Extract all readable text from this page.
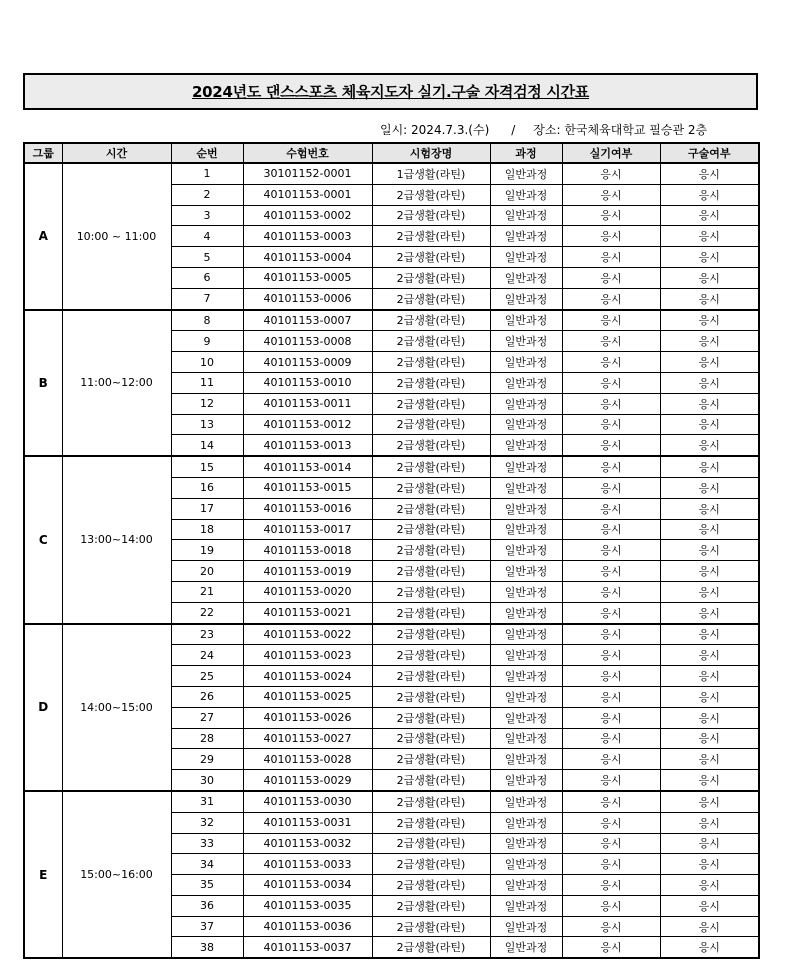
2024년도 댄스스포츠 체육지도자 실기.구술 자격검정 시간표
일시: 2024.7.3.(수) / 장소: 한국체육대학교 필승관 2층
그룹	시간	순번	수험번호	시험장명	과정	실기여부	구술여부
A	10:00 ~ 11:00	1	30101152-0001	1급생활(라틴)	일반과정	응시	응시
		2	40101153-0001	2급생활(라틴)	일반과정	응시	응시
		3	40101153-0002	2급생활(라틴)	일반과정	응시	응시
		4	40101153-0003	2급생활(라틴)	일반과정	응시	응시
		5	40101153-0004	2급생활(라틴)	일반과정	응시	응시
		6	40101153-0005	2급생활(라틴)	일반과정	응시	응시
		7	40101153-0006	2급생활(라틴)	일반과정	응시	응시
B	11:00~12:00	8	40101153-0007	2급생활(라틴)	일반과정	응시	응시
		9	40101153-0008	2급생활(라틴)	일반과정	응시	응시
		10	40101153-0009	2급생활(라틴)	일반과정	응시	응시
		11	40101153-0010	2급생활(라틴)	일반과정	응시	응시
		12	40101153-0011	2급생활(라틴)	일반과정	응시	응시
		13	40101153-0012	2급생활(라틴)	일반과정	응시	응시
		14	40101153-0013	2급생활(라틴)	일반과정	응시	응시
C	13:00~14:00	15	40101153-0014	2급생활(라틴)	일반과정	응시	응시
		16	40101153-0015	2급생활(라틴)	일반과정	응시	응시
		17	40101153-0016	2급생활(라틴)	일반과정	응시	응시
		18	40101153-0017	2급생활(라틴)	일반과정	응시	응시
		19	40101153-0018	2급생활(라틴)	일반과정	응시	응시
		20	40101153-0019	2급생활(라틴)	일반과정	응시	응시
		21	40101153-0020	2급생활(라틴)	일반과정	응시	응시
		22	40101153-0021	2급생활(라틴)	일반과정	응시	응시
D	14:00~15:00	23	40101153-0022	2급생활(라틴)	일반과정	응시	응시
		24	40101153-0023	2급생활(라틴)	일반과정	응시	응시
		25	40101153-0024	2급생활(라틴)	일반과정	응시	응시
		26	40101153-0025	2급생활(라틴)	일반과정	응시	응시
		27	40101153-0026	2급생활(라틴)	일반과정	응시	응시
		28	40101153-0027	2급생활(라틴)	일반과정	응시	응시
		29	40101153-0028	2급생활(라틴)	일반과정	응시	응시
		30	40101153-0029	2급생활(라틴)	일반과정	응시	응시
E	15:00~16:00	31	40101153-0030	2급생활(라틴)	일반과정	응시	응시
		32	40101153-0031	2급생활(라틴)	일반과정	응시	응시
		33	40101153-0032	2급생활(라틴)	일반과정	응시	응시
		34	40101153-0033	2급생활(라틴)	일반과정	응시	응시
		35	40101153-0034	2급생활(라틴)	일반과정	응시	응시
		36	40101153-0035	2급생활(라틴)	일반과정	응시	응시
		37	40101153-0036	2급생활(라틴)	일반과정	응시	응시
		38	40101153-0037	2급생활(라틴)	일반과정	응시	응시
